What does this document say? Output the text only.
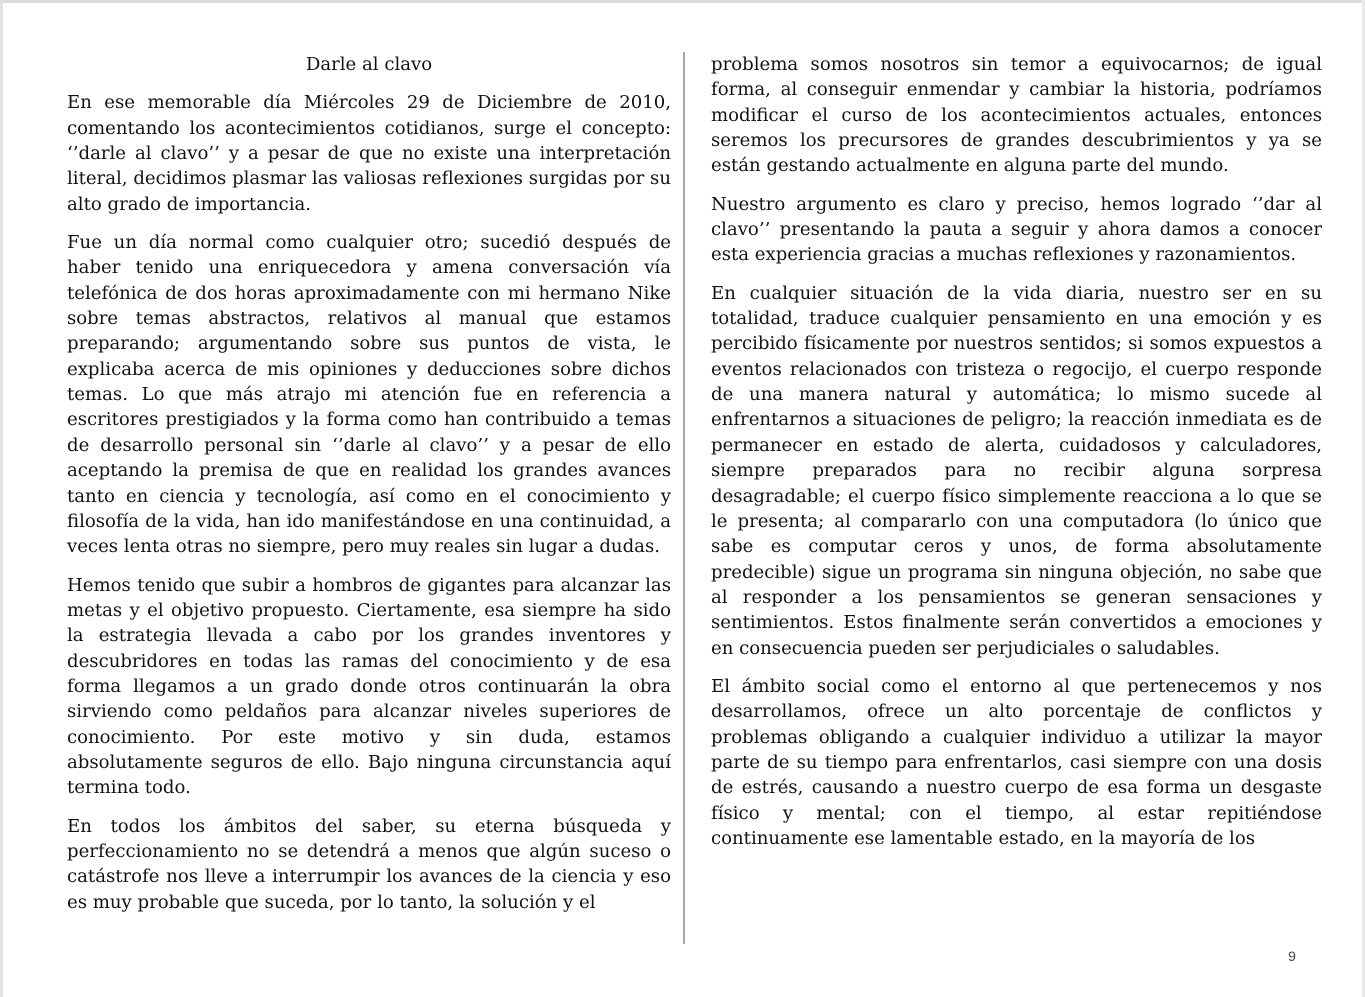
Darle al clavo

En ese memorable día Miércoles 29 de Diciembre de 2010, comentando los acontecimientos cotidianos, surge el concepto: ‘’darle al clavo’’ y a pesar de que no existe una interpretación literal, decidimos plasmar las valiosas reflexiones surgidas por su alto grado de importancia.

Fue un día normal como cualquier otro; sucedió después de haber tenido una enriquecedora y amena conversación vía telefónica de dos horas aproximadamente con mi hermano Nike sobre temas abstractos, relativos al manual que estamos preparando; argumentando sobre sus puntos de vista, le explicaba acerca de mis opiniones y deducciones sobre dichos temas. Lo que más atrajo mi atención fue en referencia a escritores prestigiados y la forma como han contribuido a temas de desarrollo personal sin ‘’darle al clavo’’ y a pesar de ello aceptando la premisa de que en realidad los grandes avances tanto en ciencia y tecnología, así como en el conocimiento y filosofía de la vida, han ido manifestándose en una continuidad, a veces lenta otras no siempre, pero muy reales sin lugar a dudas.

Hemos tenido que subir a hombros de gigantes para alcanzar las metas y el objetivo propuesto. Ciertamente, esa siempre ha sido la estrategia llevada a cabo por los grandes inventores y descubridores en todas las ramas del conocimiento y de esa forma llegamos a un grado donde otros continuarán la obra sirviendo como peldaños para alcanzar niveles superiores de conocimiento. Por este motivo y sin duda, estamos absolutamente seguros de ello. Bajo ninguna circunstancia aquí termina todo.

En todos los ámbitos del saber, su eterna búsqueda y perfeccionamiento no se detendrá a menos que algún suceso o catástrofe nos lleve a interrumpir los avances de la ciencia y eso es muy probable que suceda, por lo tanto, la solución y el

problema somos nosotros sin temor a equivocarnos; de igual forma, al conseguir enmendar y cambiar la historia, podríamos modificar el curso de los acontecimientos actuales, entonces seremos los precursores de grandes descubrimientos y ya se están gestando actualmente en alguna parte del mundo.

Nuestro argumento es claro y preciso, hemos logrado ‘’dar al clavo’’ presentando la pauta a seguir y ahora damos a conocer esta experiencia gracias a muchas reflexiones y razonamientos.

En cualquier situación de la vida diaria, nuestro ser en su totalidad, traduce cualquier pensamiento en una emoción y es percibido físicamente por nuestros sentidos; si somos expuestos a eventos relacionados con tristeza o regocijo, el cuerpo responde de una manera natural y automática; lo mismo sucede al enfrentarnos a situaciones de peligro; la reacción inmediata es de permanecer en estado de alerta, cuidadosos y calculadores, siempre preparados para no recibir alguna sorpresa desagradable; el cuerpo físico simplemente reacciona a lo que se le presenta; al compararlo con una computadora (lo único que sabe es computar ceros y unos, de forma absolutamente predecible) sigue un programa sin ninguna objeción, no sabe que al responder a los pensamientos se generan sensaciones y sentimientos. Estos finalmente serán convertidos a emociones y en consecuencia pueden ser perjudiciales o saludables.

El ámbito social como el entorno al que pertenecemos y nos desarrollamos, ofrece un alto porcentaje de conflictos y problemas obligando a cualquier individuo a utilizar la mayor parte de su tiempo para enfrentarlos, casi siempre con una dosis de estrés, causando a nuestro cuerpo de esa forma un desgaste físico y mental; con el tiempo, al estar repitiéndose continuamente ese lamentable estado, en la mayoría de los

9
